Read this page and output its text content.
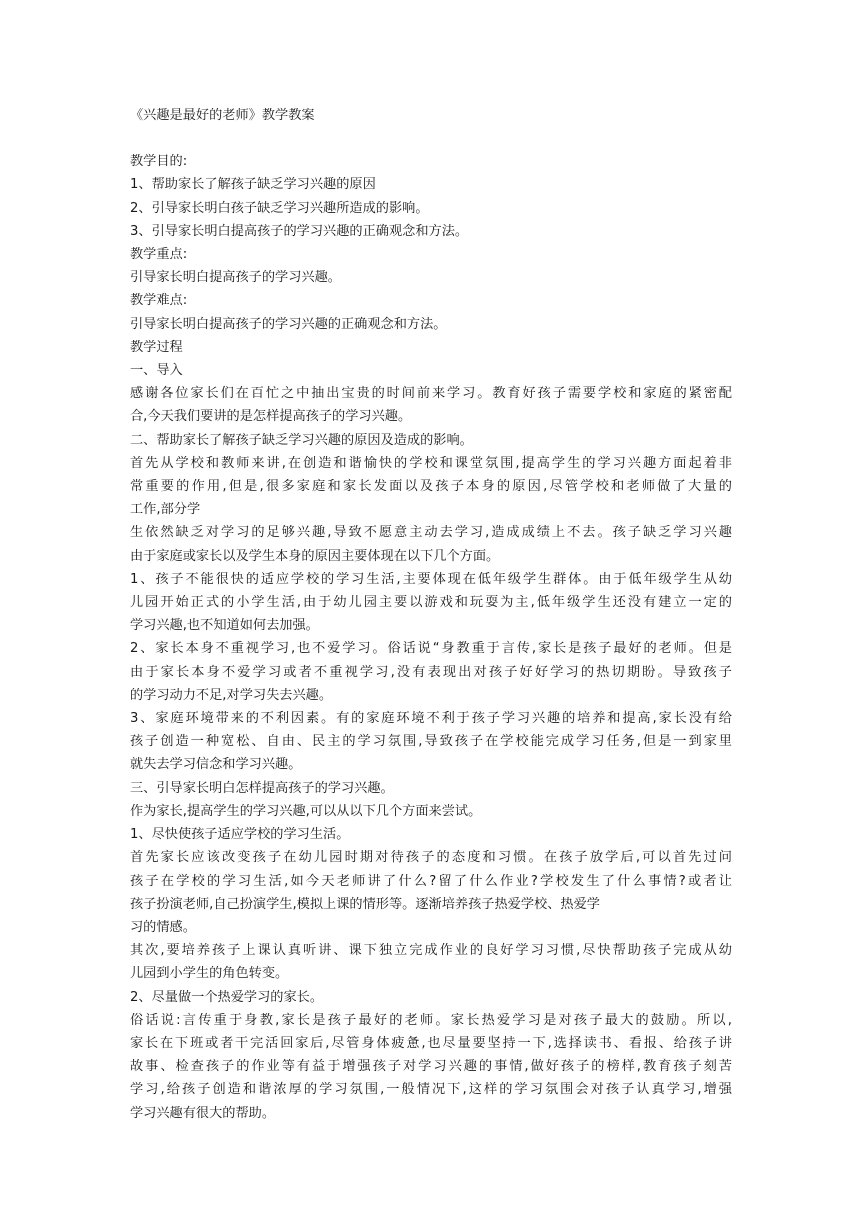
《兴趣是最好的老师》教学教案
教学目的:
1、帮助家长了解孩子缺乏学习兴趣的原因
2、引导家长明白孩子缺乏学习兴趣所造成的影响。
3、引导家长明白提高孩子的学习兴趣的正确观念和方法。
教学重点:
引导家长明白提高孩子的学习兴趣。
教学难点:
引导家长明白提高孩子的学习兴趣的正确观念和方法。
教学过程
一、导入
感谢各位家长们在百忙之中抽出宝贵的时间前来学习。教育好孩子需要学校和家庭的紧密配
合,今天我们要讲的是怎样提高孩子的学习兴趣。
二、帮助家长了解孩子缺乏学习兴趣的原因及造成的影响。
首先从学校和教师来讲,在创造和谐愉快的学校和课堂氛围,提高学生的学习兴趣方面起着非
常重要的作用,但是,很多家庭和家长发面以及孩子本身的原因,尽管学校和老师做了大量的
工作,部分学
生依然缺乏对学习的足够兴趣,导致不愿意主动去学习,造成成绩上不去。孩子缺乏学习兴趣
由于家庭或家长以及学生本身的原因主要体现在以下几个方面。
1、孩子不能很快的适应学校的学习生活,主要体现在低年级学生群体。由于低年级学生从幼
儿园开始正式的小学生活,由于幼儿园主要以游戏和玩耍为主,低年级学生还没有建立一定的
学习兴趣,也不知道如何去加强。
2、家长本身不重视学习,也不爱学习。俗话说“身教重于言传,家长是孩子最好的老师。但是
由于家长本身不爱学习或者不重视学习,没有表现出对孩子好好学习的热切期盼。导致孩子
的学习动力不足,对学习失去兴趣。
3、家庭环境带来的不利因素。有的家庭环境不利于孩子学习兴趣的培养和提高,家长没有给
孩子创造一种宽松、自由、民主的学习氛围,导致孩子在学校能完成学习任务,但是一到家里
就失去学习信念和学习兴趣。
三、引导家长明白怎样提高孩子的学习兴趣。
作为家长,提高学生的学习兴趣,可以从以下几个方面来尝试。
1、尽快使孩子适应学校的学习生活。
首先家长应该改变孩子在幼儿园时期对待孩子的态度和习惯。在孩子放学后,可以首先过问
孩子在学校的学习生活,如今天老师讲了什么?留了什么作业?学校发生了什么事情?或者让
孩子扮演老师,自己扮演学生,模拟上课的情形等。逐渐培养孩子热爱学校、热爱学
习的情感。
其次,要培养孩子上课认真听讲、课下独立完成作业的良好学习习惯,尽快帮助孩子完成从幼
儿园到小学生的角色转变。
2、尽量做一个热爱学习的家长。
俗话说:言传重于身教,家长是孩子最好的老师。家长热爱学习是对孩子最大的鼓励。所以,
家长在下班或者干完活回家后,尽管身体疲惫,也尽量要坚持一下,选择读书、看报、给孩子讲
故事、检查孩子的作业等有益于增强孩子对学习兴趣的事情,做好孩子的榜样,教育孩子刻苦
学习,给孩子创造和谐浓厚的学习氛围,一般情况下,这样的学习氛围会对孩子认真学习,增强
学习兴趣有很大的帮助。
